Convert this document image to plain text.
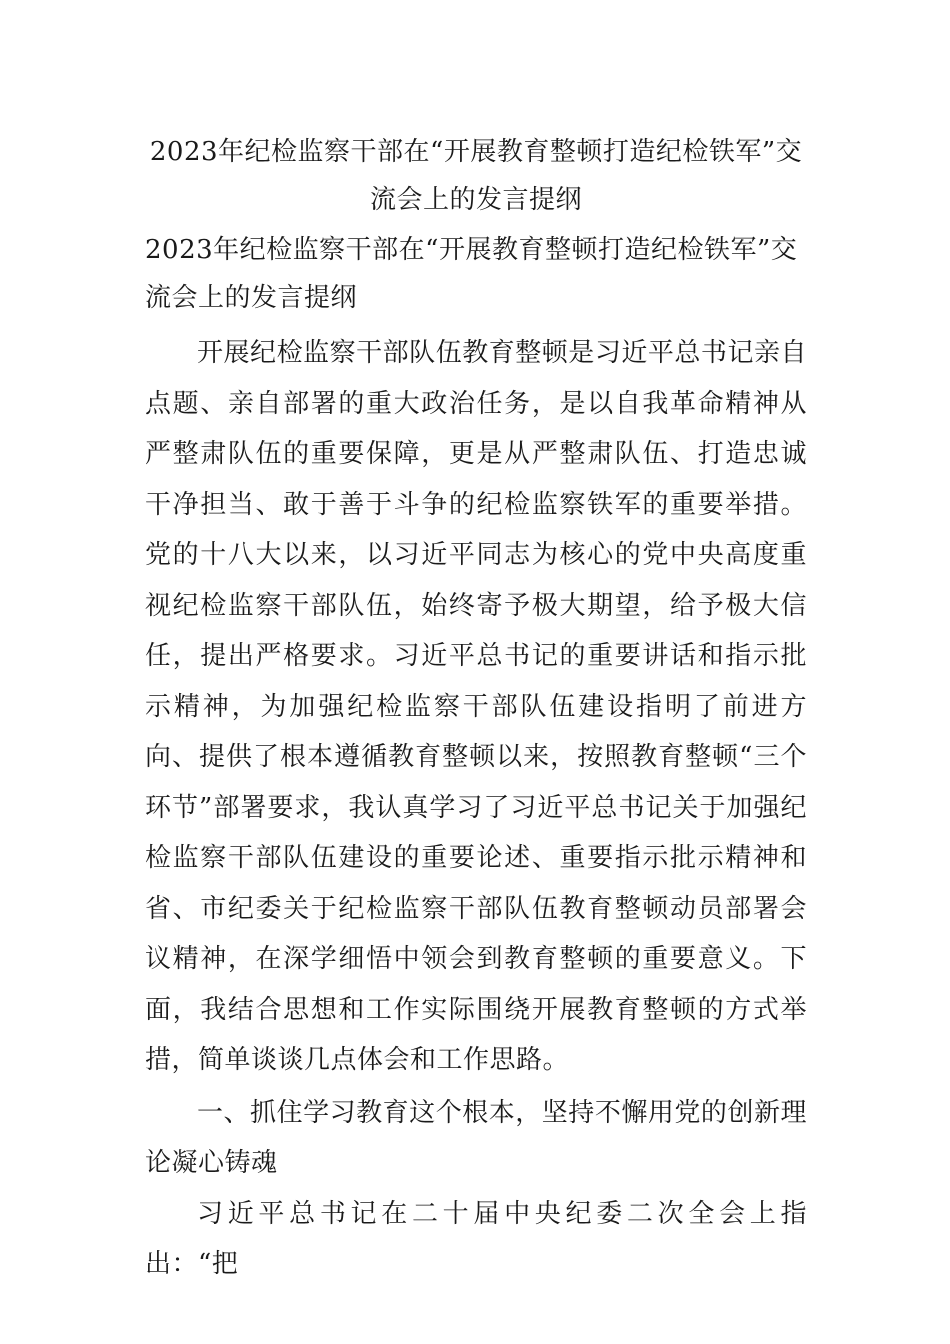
2023年纪检监察干部在“开展教育整顿打造纪检铁军”交流会上的发言提纲
2023年纪检监察干部在“开展教育整顿打造纪检铁军”交流会上的发言提纲

开展纪检监察干部队伍教育整顿是习近平总书记亲自点题、亲自部署的重大政治任务，是以自我革命精神从严整肃队伍的重要保障，更是从严整肃队伍、打造忠诚干净担当、敢于善于斗争的纪检监察铁军的重要举措。党的十八大以来，以习近平同志为核心的党中央高度重视纪检监察干部队伍，始终寄予极大期望，给予极大信任，提出严格要求。习近平总书记的重要讲话和指示批示精神，为加强纪检监察干部队伍建设指明了前进方向、提供了根本遵循教育整顿以来，按照教育整顿“三个环节”部署要求，我认真学习了习近平总书记关于加强纪检监察干部队伍建设的重要论述、重要指示批示精神和省、市纪委关于纪检监察干部队伍教育整顿动员部署会议精神，在深学细悟中领会到教育整顿的重要意义。下面，我结合思想和工作实际围绕开展教育整顿的方式举措，简单谈谈几点体会和工作思路。

一、抓住学习教育这个根本，坚持不懈用党的创新理论凝心铸魂

习近平总书记在二十届中央纪委二次全会上指出：“把
